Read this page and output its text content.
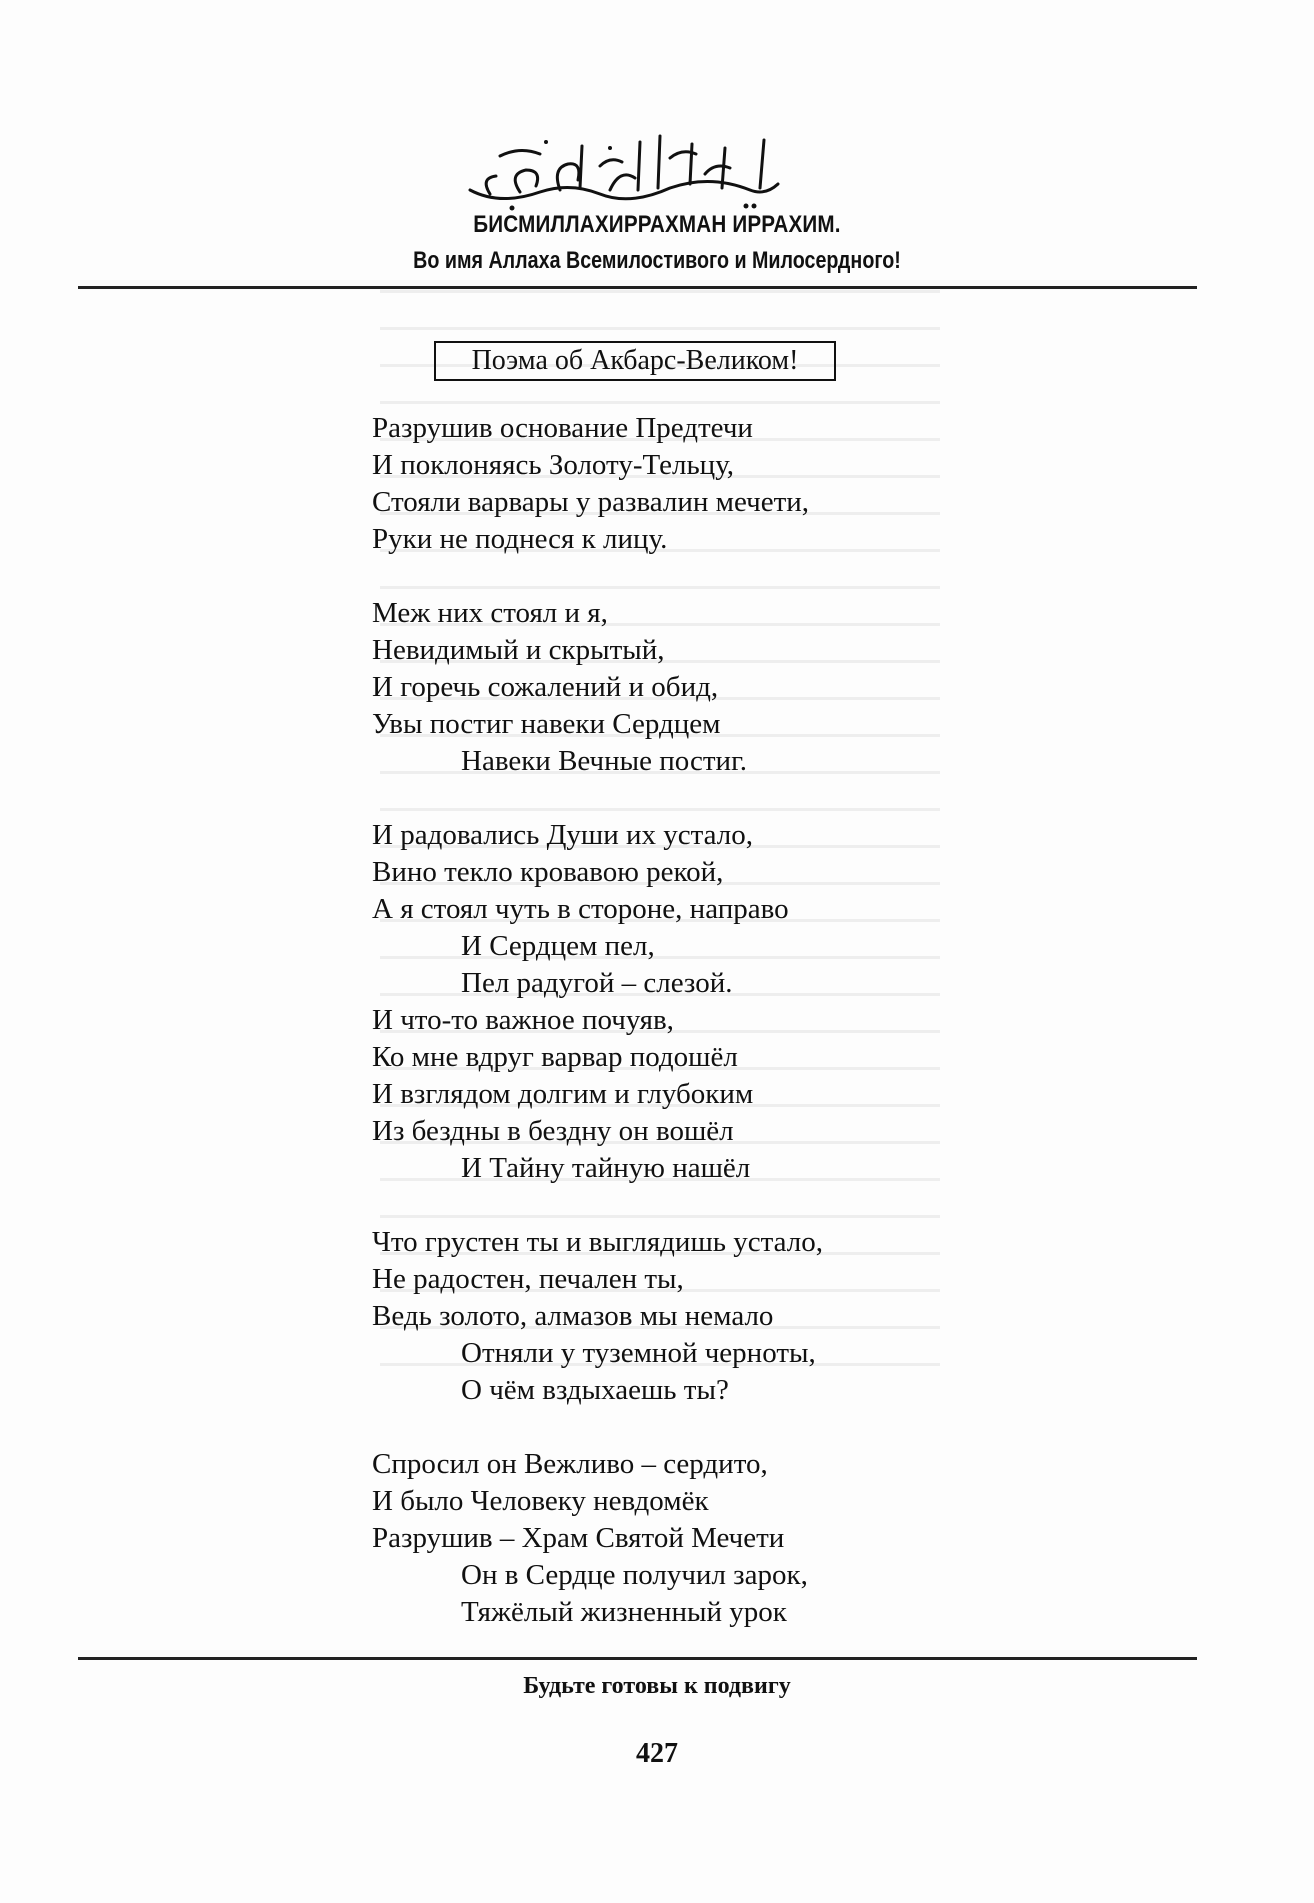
БИСМИЛЛАХИРРАХМАН ИРРАХИМ.
Во имя Аллаха Всемилостивого и Милосердного!
Поэма об Акбарс-Великом!
Разрушив основание Предтечи
И поклоняясь Золоту-Тельцу,
Стояли варвары у развалин мечети,
Руки не поднеся к лицу.
Меж них стоял и я,
Невидимый и скрытый,
И горечь сожалений и обид,
Увы постиг навеки Сердцем
Навеки Вечные постиг.
И радовались Души их устало,
Вино текло кровавою рекой,
А я стоял чуть в стороне, направо
И Сердцем пел,
Пел радугой – слезой.
И что-то важное почуяв,
Ко мне вдруг варвар подошёл
И взглядом долгим и глубоким
Из бездны в бездну он вошёл
И Тайну тайную нашёл
Что грустен ты и выглядишь устало,
Не радостен, печален ты,
Ведь золото, алмазов мы немало
Отняли у туземной черноты,
О чём вздыхаешь ты?
Спросил он Вежливо – сердито,
И было Человеку невдомёк
Разрушив – Храм Святой Мечети
Он в Сердце получил зарок,
Тяжёлый жизненный урок
Будьте готовы к подвигу
427
